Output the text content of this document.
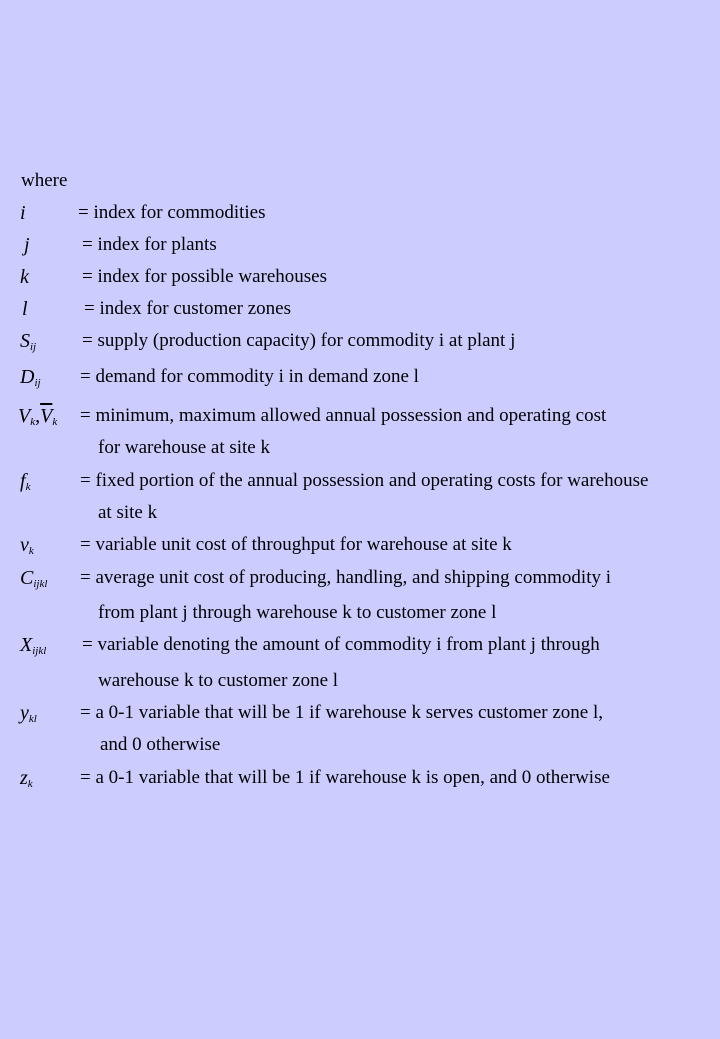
where
i	= index for commodities
j	= index for plants
k	= index for possible warehouses
l	= index for customer zones
$S_{ij}$ = supply (production capacity) for commodity i at plant j
$D_{ij}$ = demand for commodity i in demand zone l
$V_k,\overline{V}_k$ = minimum, maximum allowed annual possession and operating cost
for warehouse at site k
$f_k$	= fixed portion of the annual possession and operating costs for warehouse
at site k
$v_k$ = variable unit cost of throughput for warehouse at site k
$C_{ijkl}$ = average unit cost of producing, handling, and shipping commodity i
from plant j through warehouse k to customer zone l
$X_{ijkl}$ = variable denoting the amount of commodity i from plant j through
warehouse k to customer zone l
$y_{kl} = a$ 0-1 variable that will be 1 if warehouse k serves customer zone l,
and 0 otherwise
$z_k = a$ 0-1 variable that will be 1 if warehouse k is open, and 0 otherwise
